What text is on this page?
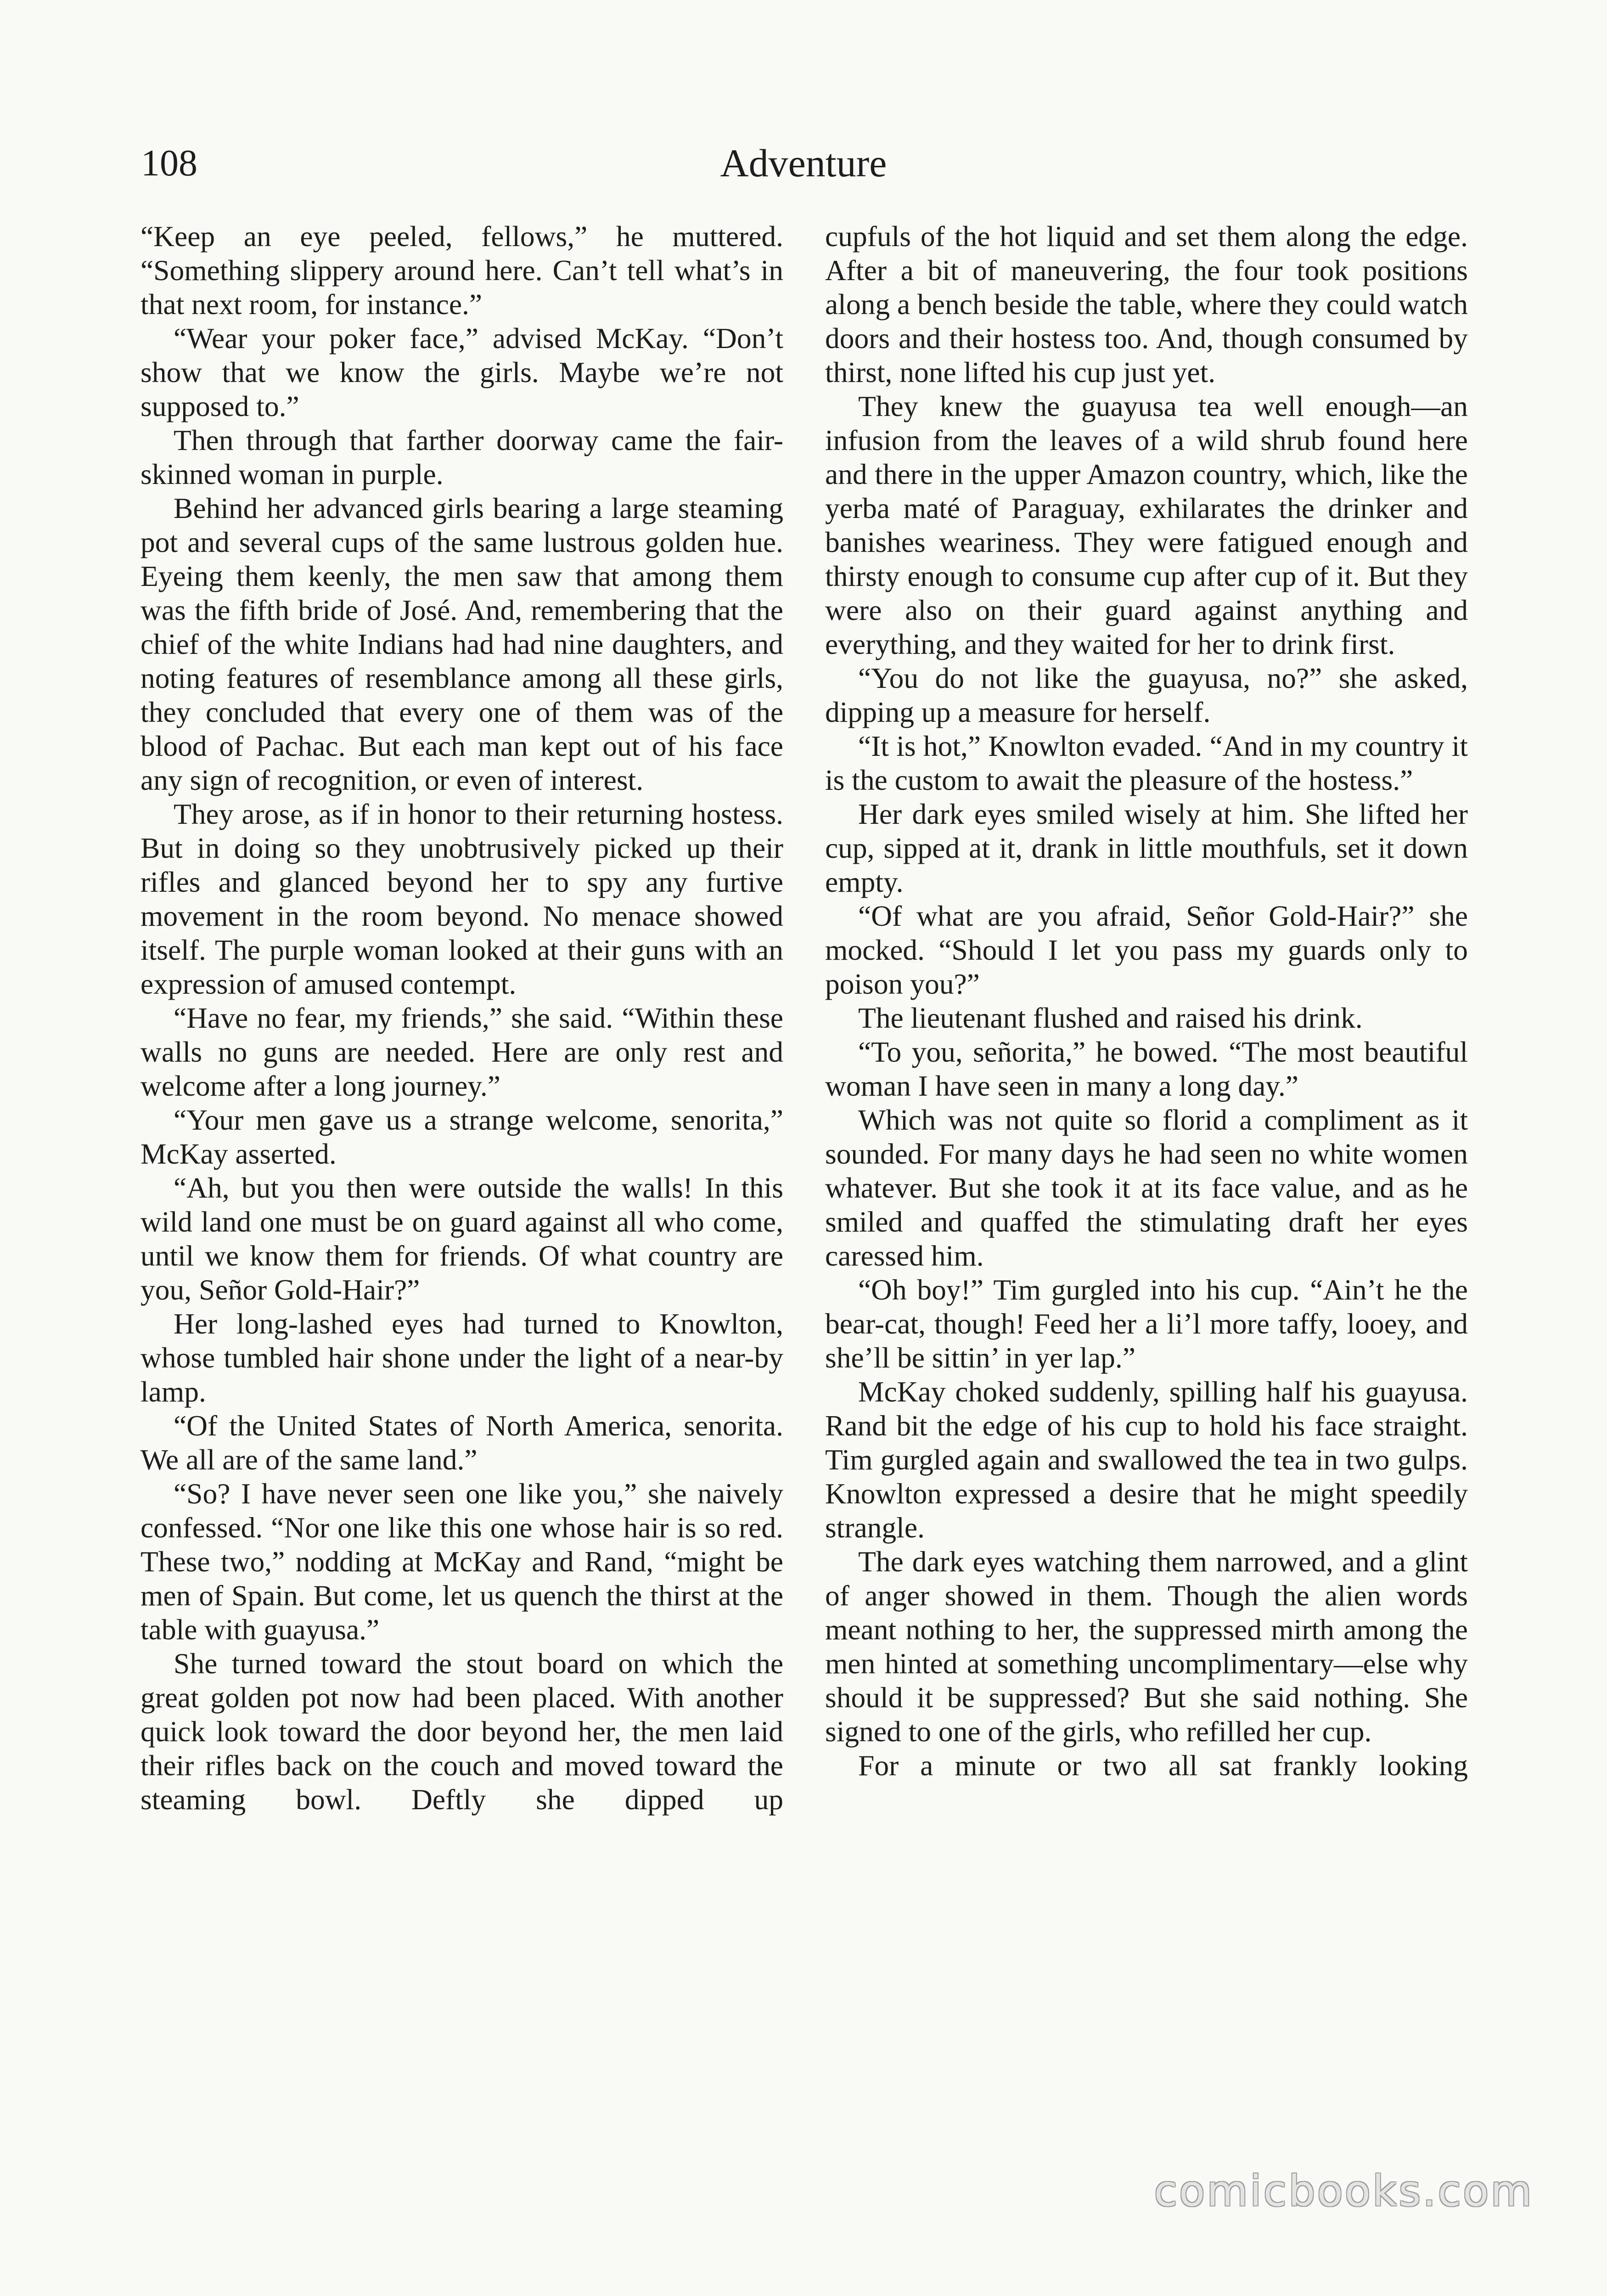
108	Adventure

“Keep an eye peeled, fellows,” he muttered. “Something slippery around here. Can’t tell what’s in that next room, for instance.”

“Wear your poker face,” advised McKay. “Don’t show that we know the girls. Maybe we’re not supposed to.”

Then through that farther doorway came the fair-skinned woman in purple.

Behind her advanced girls bearing a large steaming pot and several cups of the same lustrous golden hue. Eyeing them keenly, the men saw that among them was the fifth bride of José. And, remembering that the chief of the white Indians had had nine daughters, and noting features of resemblance among all these girls, they concluded that every one of them was of the blood of Pachac. But each man kept out of his face any sign of recognition, or even of interest.

They arose, as if in honor to their returning hostess. But in doing so they unobtrusively picked up their rifles and glanced beyond her to spy any furtive movement in the room beyond. No menace showed itself. The purple woman looked at their guns with an expression of amused contempt.

“Have no fear, my friends,” she said. “Within these walls no guns are needed. Here are only rest and welcome after a long journey.”

“Your men gave us a strange welcome, senorita,” McKay asserted.

“Ah, but you then were outside the walls! In this wild land one must be on guard against all who come, until we know them for friends. Of what country are you, Señor Gold-Hair?”

Her long-lashed eyes had turned to Knowlton, whose tumbled hair shone under the light of a near-by lamp.

“Of the United States of North America, senorita. We all are of the same land.”

“So? I have never seen one like you,” she naively confessed. “Nor one like this one whose hair is so red. These two,” nodding at McKay and Rand, “might be men of Spain. But come, let us quench the thirst at the table with guayusa.”

She turned toward the stout board on which the great golden pot now had been placed. With another quick look toward the door beyond her, the men laid their rifles back on the couch and moved toward the steaming bowl. Deftly she dipped up

cupfuls of the hot liquid and set them along the edge. After a bit of maneuvering, the four took positions along a bench beside the table, where they could watch doors and their hostess too. And, though consumed by thirst, none lifted his cup just yet.

They knew the guayusa tea well enough—an infusion from the leaves of a wild shrub found here and there in the upper Amazon country, which, like the yerba maté of Paraguay, exhilarates the drinker and banishes weariness. They were fatigued enough and thirsty enough to consume cup after cup of it. But they were also on their guard against anything and everything, and they waited for her to drink first.

“You do not like the guayusa, no?” she asked, dipping up a measure for herself.

“It is hot,” Knowlton evaded. “And in my country it is the custom to await the pleasure of the hostess.”

Her dark eyes smiled wisely at him. She lifted her cup, sipped at it, drank in little mouthfuls, set it down empty.

“Of what are you afraid, Señor Gold-Hair?” she mocked. “Should I let you pass my guards only to poison you?”

The lieutenant flushed and raised his drink.

“To you, señorita,” he bowed. “The most beautiful woman I have seen in many a long day.”

Which was not quite so florid a compliment as it sounded. For many days he had seen no white women whatever. But she took it at its face value, and as he smiled and quaffed the stimulating draft her eyes caressed him.

“Oh boy!” Tim gurgled into his cup. “Ain’t he the bear-cat, though! Feed her a li’l more taffy, looey, and she’ll be sittin’ in yer lap.”

McKay choked suddenly, spilling half his guayusa. Rand bit the edge of his cup to hold his face straight. Tim gurgled again and swallowed the tea in two gulps. Knowlton expressed a desire that he might speedily strangle.

The dark eyes watching them narrowed, and a glint of anger showed in them. Though the alien words meant nothing to her, the suppressed mirth among the men hinted at something uncomplimentary—else why should it be suppressed? But she said nothing. She signed to one of the girls, who refilled her cup.

For a minute or two all sat frankly looking

comicbooks.com
